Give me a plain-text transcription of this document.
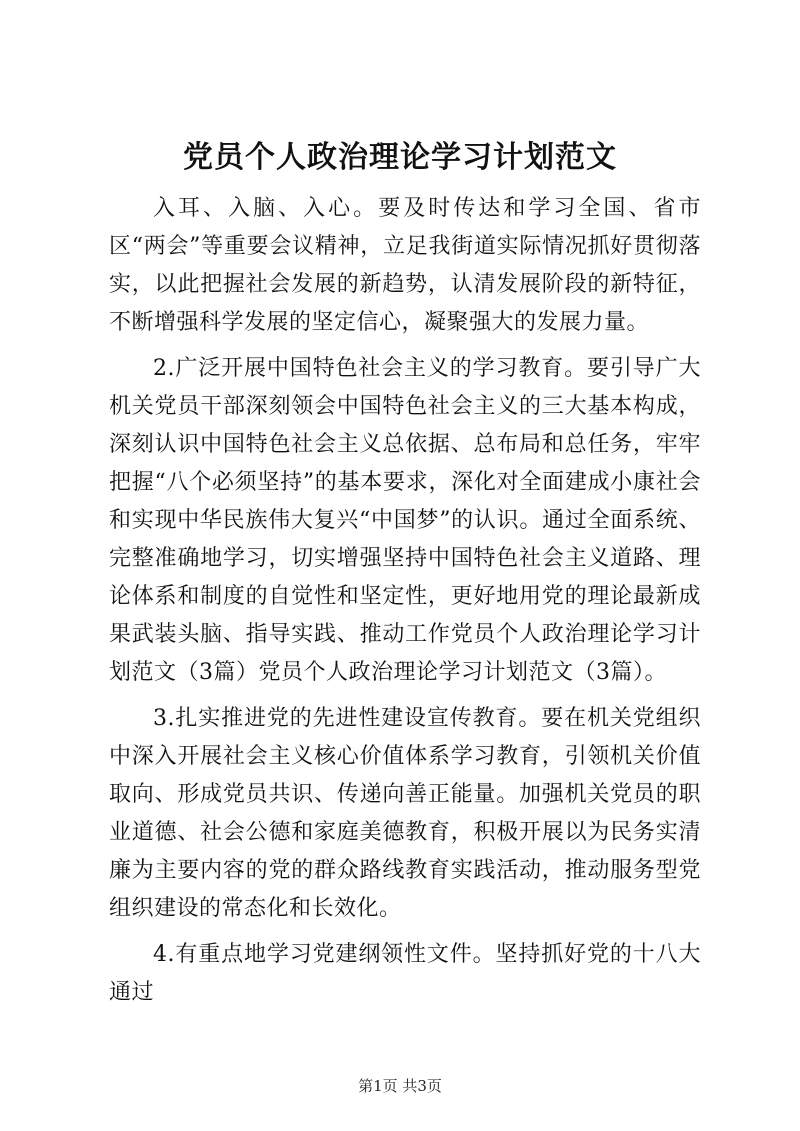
党员个人政治理论学习计划范文

入耳、入脑、入心。要及时传达和学习全国、省市区“两会”等重要会议精神，立足我街道实际情况抓好贯彻落实，以此把握社会发展的新趋势，认清发展阶段的新特征，不断增强科学发展的坚定信心，凝聚强大的发展力量。

2.广泛开展中国特色社会主义的学习教育。要引导广大机关党员干部深刻领会中国特色社会主义的三大基本构成，深刻认识中国特色社会主义总依据、总布局和总任务，牢牢把握“八个必须坚持”的基本要求，深化对全面建成小康社会和实现中华民族伟大复兴“中国梦”的认识。通过全面系统、完整准确地学习，切实增强坚持中国特色社会主义道路、理论体系和制度的自觉性和坚定性，更好地用党的理论最新成果武装头脑、指导实践、推动工作党员个人政治理论学习计划范文（3篇）党员个人政治理论学习计划范文（3篇）。

3.扎实推进党的先进性建设宣传教育。要在机关党组织中深入开展社会主义核心价值体系学习教育，引领机关价值取向、形成党员共识、传递向善正能量。加强机关党员的职业道德、社会公德和家庭美德教育，积极开展以为民务实清廉为主要内容的党的群众路线教育实践活动，推动服务型党组织建设的常态化和长效化。

4.有重点地学习党建纲领性文件。坚持抓好党的十八大通过

第1页 共3页
